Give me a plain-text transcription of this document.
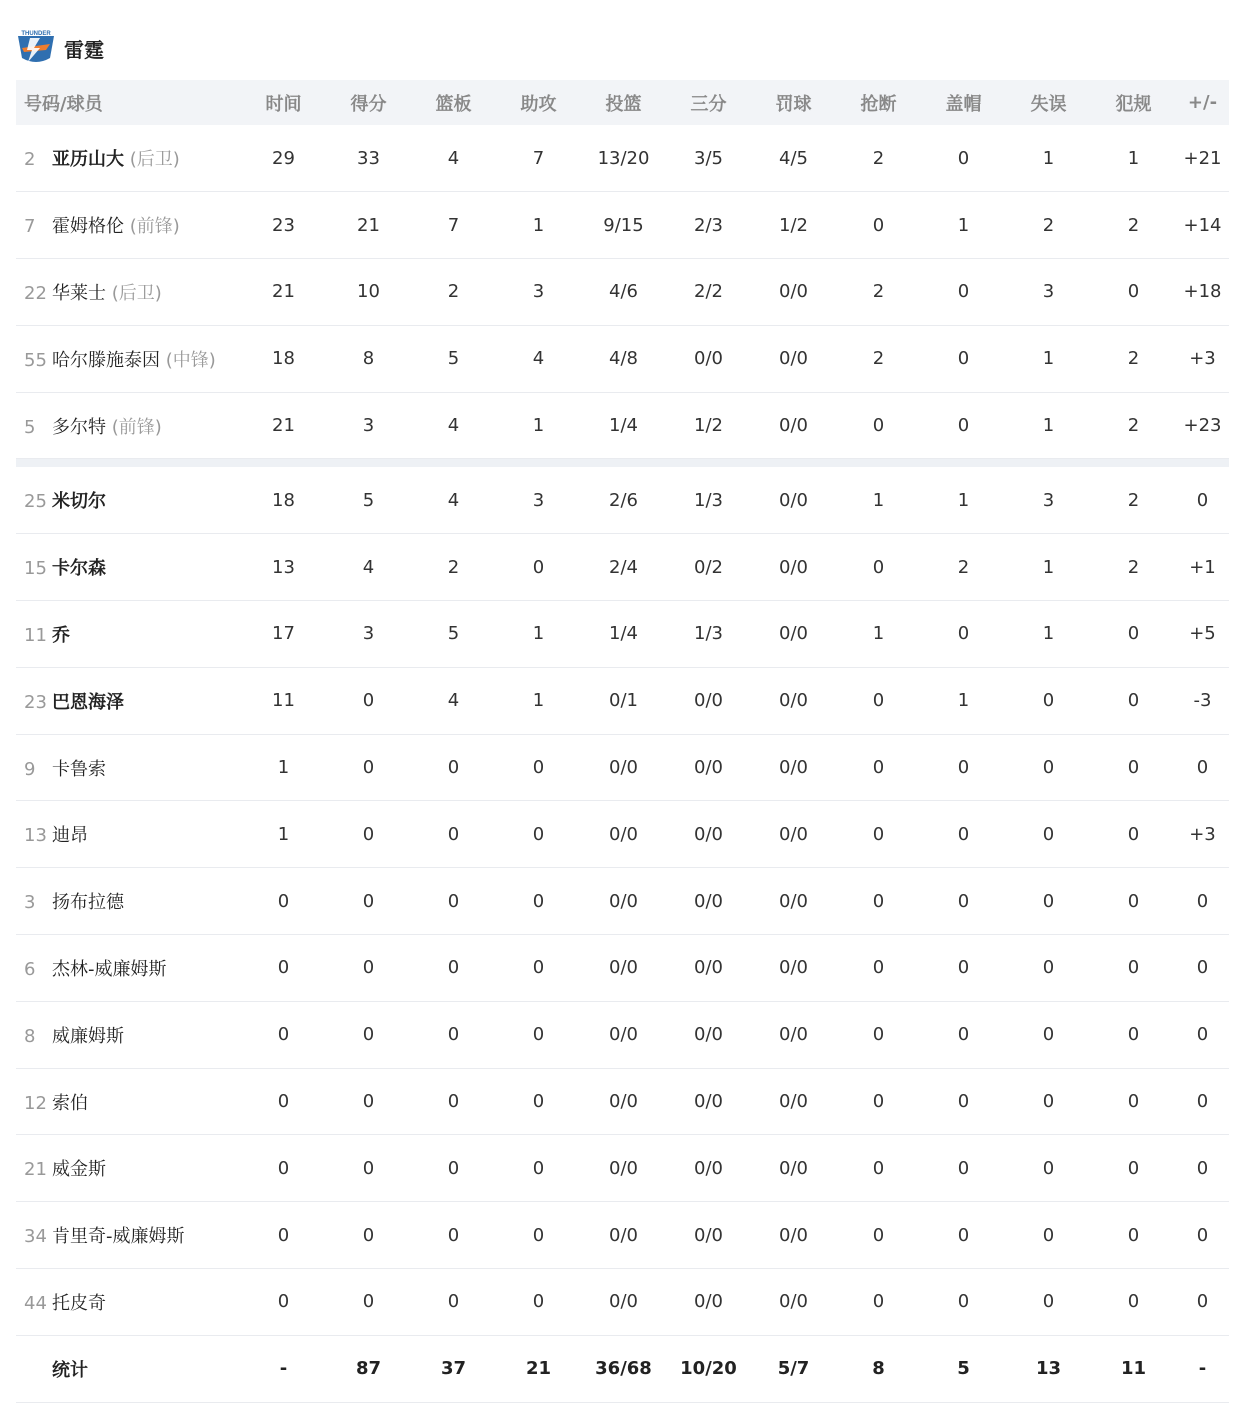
THUNDER
雷霆
号码/球员	时间	得分	篮板	助攻	投篮	三分	罚球	抢断	盖帽	失误	犯规	+/-
2 亚历山大 (后卫)	29	33	4	7	13/20	3/5	4/5	2	0	1	1	+21
7 霍姆格伦 (前锋)	23	21	7	1	9/15	2/3	1/2	0	1	2	2	+14
22 华莱士 (后卫)	21	10	2	3	4/6	2/2	0/0	2	0	3	0	+18
55 哈尔滕施泰因 (中锋)	18	8	5	4	4/8	0/0	0/0	2	0	1	2	+3
5 多尔特 (前锋)	21	3	4	1	1/4	1/2	0/0	0	0	1	2	+23

25 米切尔	18	5	4	3	2/6	1/3	0/0	1	1	3	2	0
15 卡尔森	13	4	2	0	2/4	0/2	0/0	0	2	1	2	+1
11 乔	17	3	5	1	1/4	1/3	0/0	1	0	1	0	+5
23 巴恩海泽	11	0	4	1	0/1	0/0	0/0	0	1	0	0	-3
9 卡鲁索	1	0	0	0	0/0	0/0	0/0	0	0	0	0	0
13 迪昂	1	0	0	0	0/0	0/0	0/0	0	0	0	0	+3
3 扬布拉德	0	0	0	0	0/0	0/0	0/0	0	0	0	0	0
6 杰林-威廉姆斯	0	0	0	0	0/0	0/0	0/0	0	0	0	0	0
8 威廉姆斯	0	0	0	0	0/0	0/0	0/0	0	0	0	0	0
12 索伯	0	0	0	0	0/0	0/0	0/0	0	0	0	0	0
21 威金斯	0	0	0	0	0/0	0/0	0/0	0	0	0	0	0
34 肯里奇-威廉姆斯	0	0	0	0	0/0	0/0	0/0	0	0	0	0	0
44 托皮奇	0	0	0	0	0/0	0/0	0/0	0	0	0	0	0
统计	-	87	37	21	36/68	10/20	5/7	8	5	13	11	-
